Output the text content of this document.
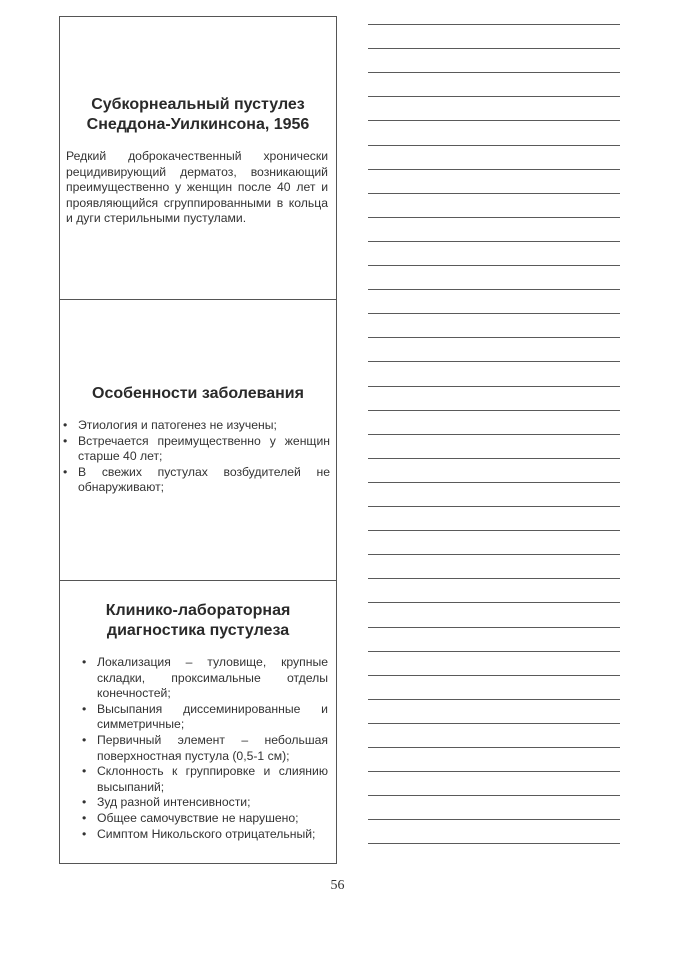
Субкорнеальный пустулез
Снеддона-Уилкинсона, 1956
Редкий доброкачественный хронически рецидивирующий дерматоз, возникающий преимущественно у женщин после 40 лет и проявляющийся сгруппированными в кольца и дуги стерильными пустулами.
Особенности заболевания
• Этиология и патогенез не изучены;
• Встречается преимущественно у женщин старше 40 лет;
• В свежих пустулах возбудителей не обнаруживают;
Клинико-лабораторная
диагностика пустулеза
• Локализация – туловище, крупные складки, проксимальные отделы конечностей;
• Высыпания диссеминированные и симметричные;
• Первичный элемент – небольшая поверхностная пустула (0,5-1 см);
• Склонность к группировке и слиянию высыпаний;
• Зуд разной интенсивности;
• Общее самочувствие не нарушено;
• Симптом Никольского отрицательный;
56
